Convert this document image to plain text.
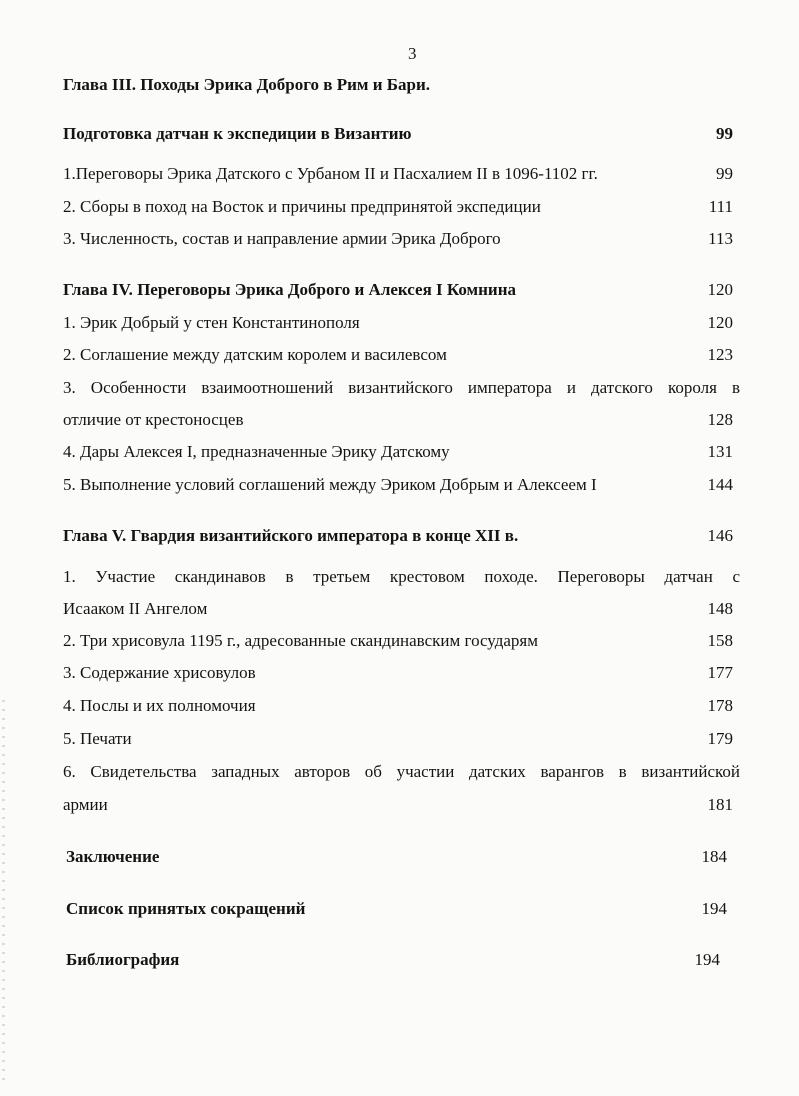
3
Глава III. Походы Эрика Доброго в Рим и Бари.
Подготовка датчан к экспедиции в Византию	99
1.Переговоры Эрика Датского с Урбаном II и Пасхалием II в 1096-1102 гг.	99
2. Сборы в поход на Восток и причины предпринятой экспедиции	111
3. Численность, состав и направление армии Эрика Доброго	113
Глава IV. Переговоры Эрика Доброго и Алексея I Комнина	120
1. Эрик Добрый у стен Константинополя	120
2. Соглашение между датским королем и василевсом	123
3. Особенности взаимоотношений византийского императора и датского короля в
отличие от крестоносцев	128
4. Дары Алексея I, предназначенные Эрику Датскому	131
5. Выполнение условий соглашений между Эриком Добрым и Алексеем I	144
Глава V. Гвардия византийского императора в конце XII в.	146
1. Участие скандинавов в третьем крестовом походе. Переговоры датчан с
Исааком II Ангелом	148
2. Три хрисовула 1195 г., адресованные скандинавским государям	158
3. Содержание хрисовулов	177
4. Послы и их полномочия	178
5. Печати	179
6. Свидетельства западных авторов об участии датских варангов в византийской
армии	181
Заключение	184
Список принятых сокращений	194
Библиография	194
